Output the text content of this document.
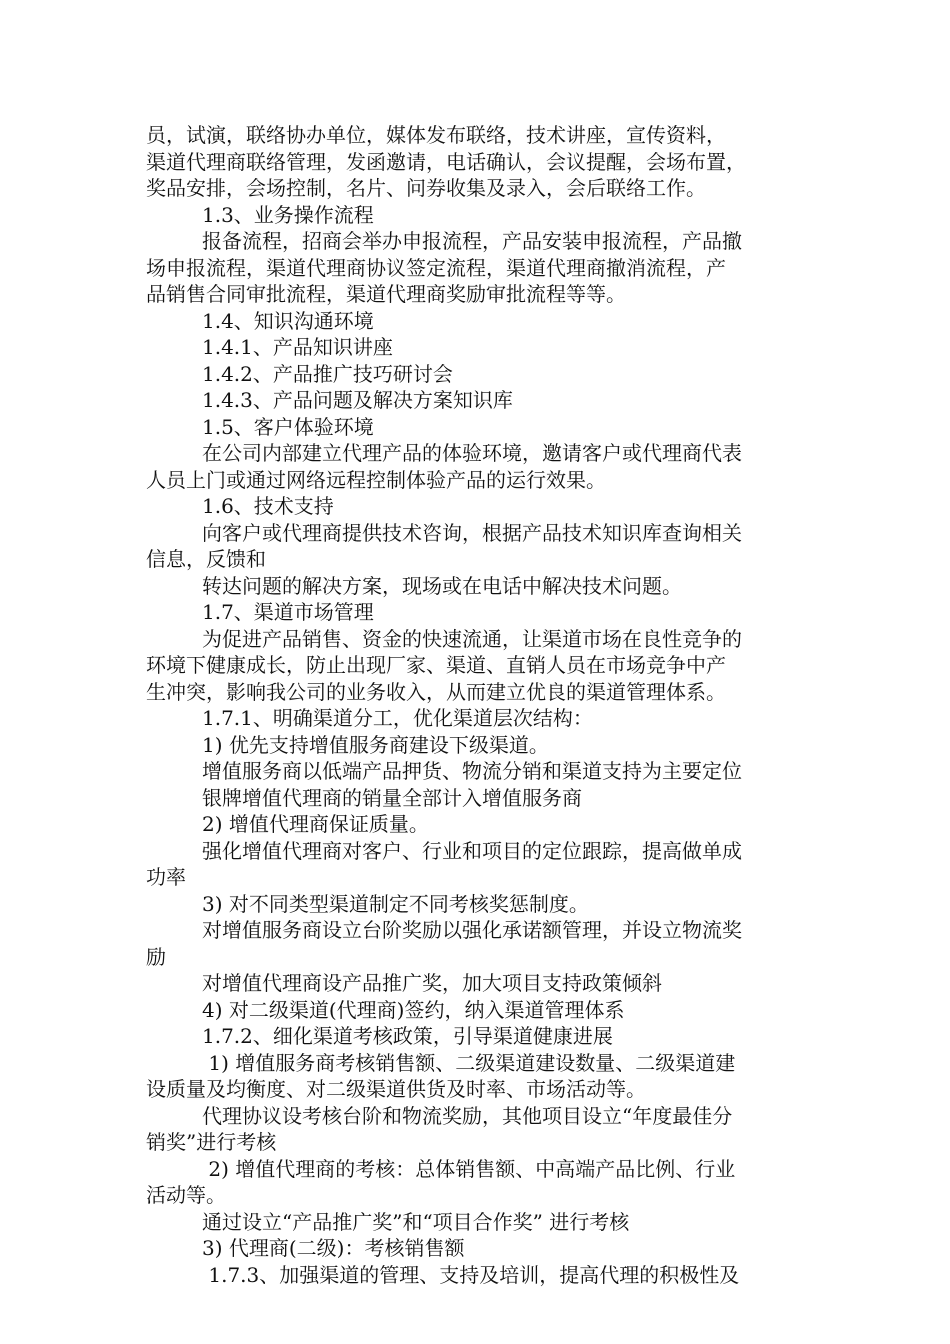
员，试演，联络协办单位，媒体发布联络，技术讲座，宣传资料，
渠道代理商联络管理，发函邀请，电话确认，会议提醒，会场布置，
奖品安排，会场控制，名片、问券收集及录入，会后联络工作。
1.3、业务操作流程
报备流程，招商会举办申报流程，产品安装申报流程，产品撤
场申报流程，渠道代理商协议签定流程，渠道代理商撤消流程，产
品销售合同审批流程，渠道代理商奖励审批流程等等。
1.4、知识沟通环境
1.4.1、产品知识讲座
1.4.2、产品推广技巧研讨会
1.4.3、产品问题及解决方案知识库
1.5、客户体验环境
在公司内部建立代理产品的体验环境，邀请客户或代理商代表
人员上门或通过网络远程控制体验产品的运行效果。
1.6、技术支持
向客户或代理商提供技术咨询，根据产品技术知识库查询相关
信息，反馈和
转达问题的解决方案，现场或在电话中解决技术问题。
1.7、渠道市场管理
为促进产品销售、资金的快速流通，让渠道市场在良性竞争的
环境下健康成长，防止出现厂家、渠道、直销人员在市场竞争中产
生冲突，影响我公司的业务收入，从而建立优良的渠道管理体系。
1.7.1、明确渠道分工，优化渠道层次结构：
1) 优先支持增值服务商建设下级渠道。
增值服务商以低端产品押货、物流分销和渠道支持为主要定位
银牌增值代理商的销量全部计入增值服务商
2) 增值代理商保证质量。
强化增值代理商对客户、行业和项目的定位跟踪，提高做单成
功率
3) 对不同类型渠道制定不同考核奖惩制度。
对增值服务商设立台阶奖励以强化承诺额管理，并设立物流奖
励
对增值代理商设产品推广奖，加大项目支持政策倾斜
4) 对二级渠道(代理商)签约，纳入渠道管理体系
1.7.2、细化渠道考核政策，引导渠道健康进展
1) 增值服务商考核销售额、二级渠道建设数量、二级渠道建
设质量及均衡度、对二级渠道供货及时率、市场活动等。
代理协议设考核台阶和物流奖励，其他项目设立“年度最佳分
销奖”进行考核
2) 增值代理商的考核：总体销售额、中高端产品比例、行业
活动等。
通过设立“产品推广奖”和“项目合作奖” 进行考核
3) 代理商(二级)：考核销售额
1.7.3、加强渠道的管理、支持及培训，提高代理的积极性及
